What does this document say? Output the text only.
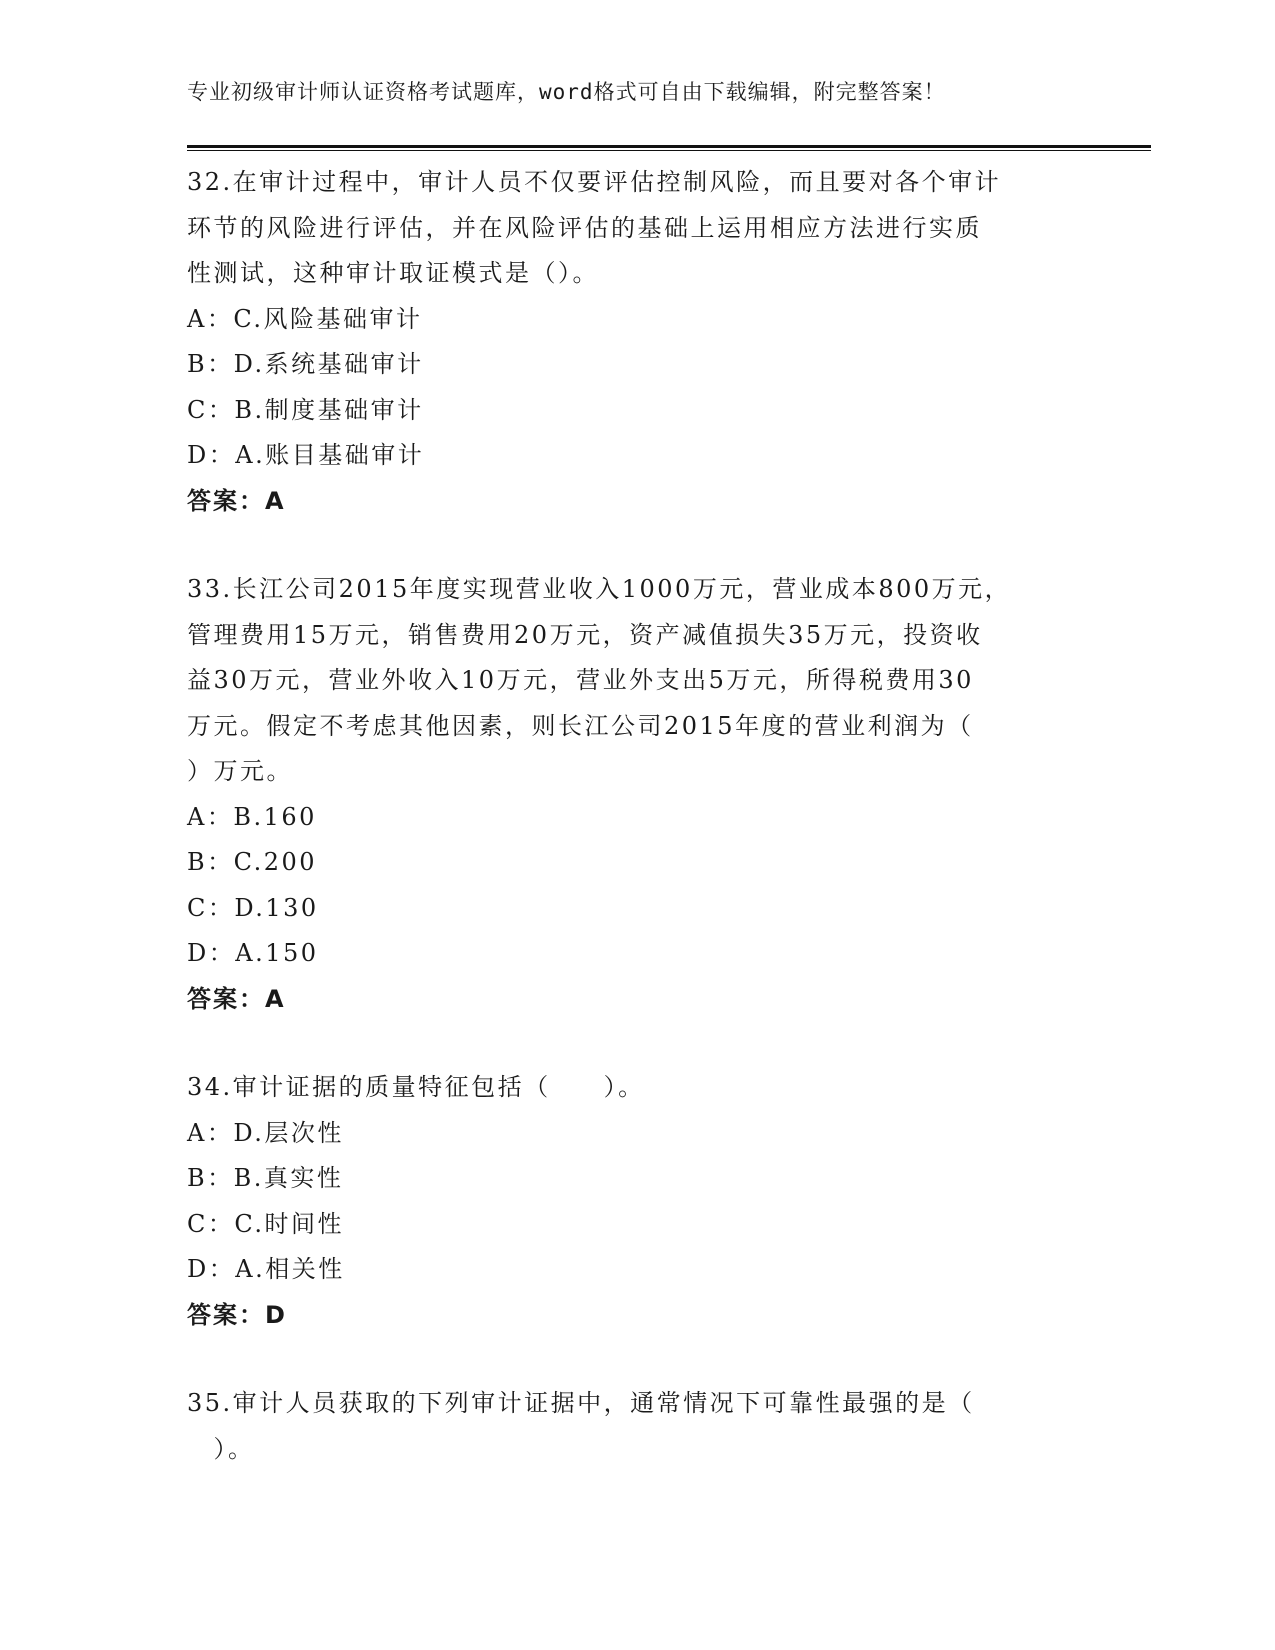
专业初级审计师认证资格考试题库，word格式可自由下载编辑，附完整答案！

32.在审计过程中，审计人员不仅要评估控制风险，而且要对各个审计
环节的风险进行评估，并在风险评估的基础上运用相应方法进行实质
性测试，这种审计取证模式是（）。

A：C.风险基础审计

B：D.系统基础审计

C：B.制度基础审计

D：A.账目基础审计

答案：A

33.长江公司2015年度实现营业收入1000万元，营业成本800万元，
管理费用15万元，销售费用20万元，资产减值损失35万元，投资收
益30万元，营业外收入10万元，营业外支出5万元，所得税费用30
万元。假定不考虑其他因素，则长江公司2015年度的营业利润为（
）万元。

A：B.160

B：C.200

C：D.130

D：A.150

答案：A

34.审计证据的质量特征包括（　　）。

A：D.层次性

B：B.真实性

C：C.时间性

D：A.相关性

答案：D

35.审计人员获取的下列审计证据中，通常情况下可靠性最强的是（
　）。
